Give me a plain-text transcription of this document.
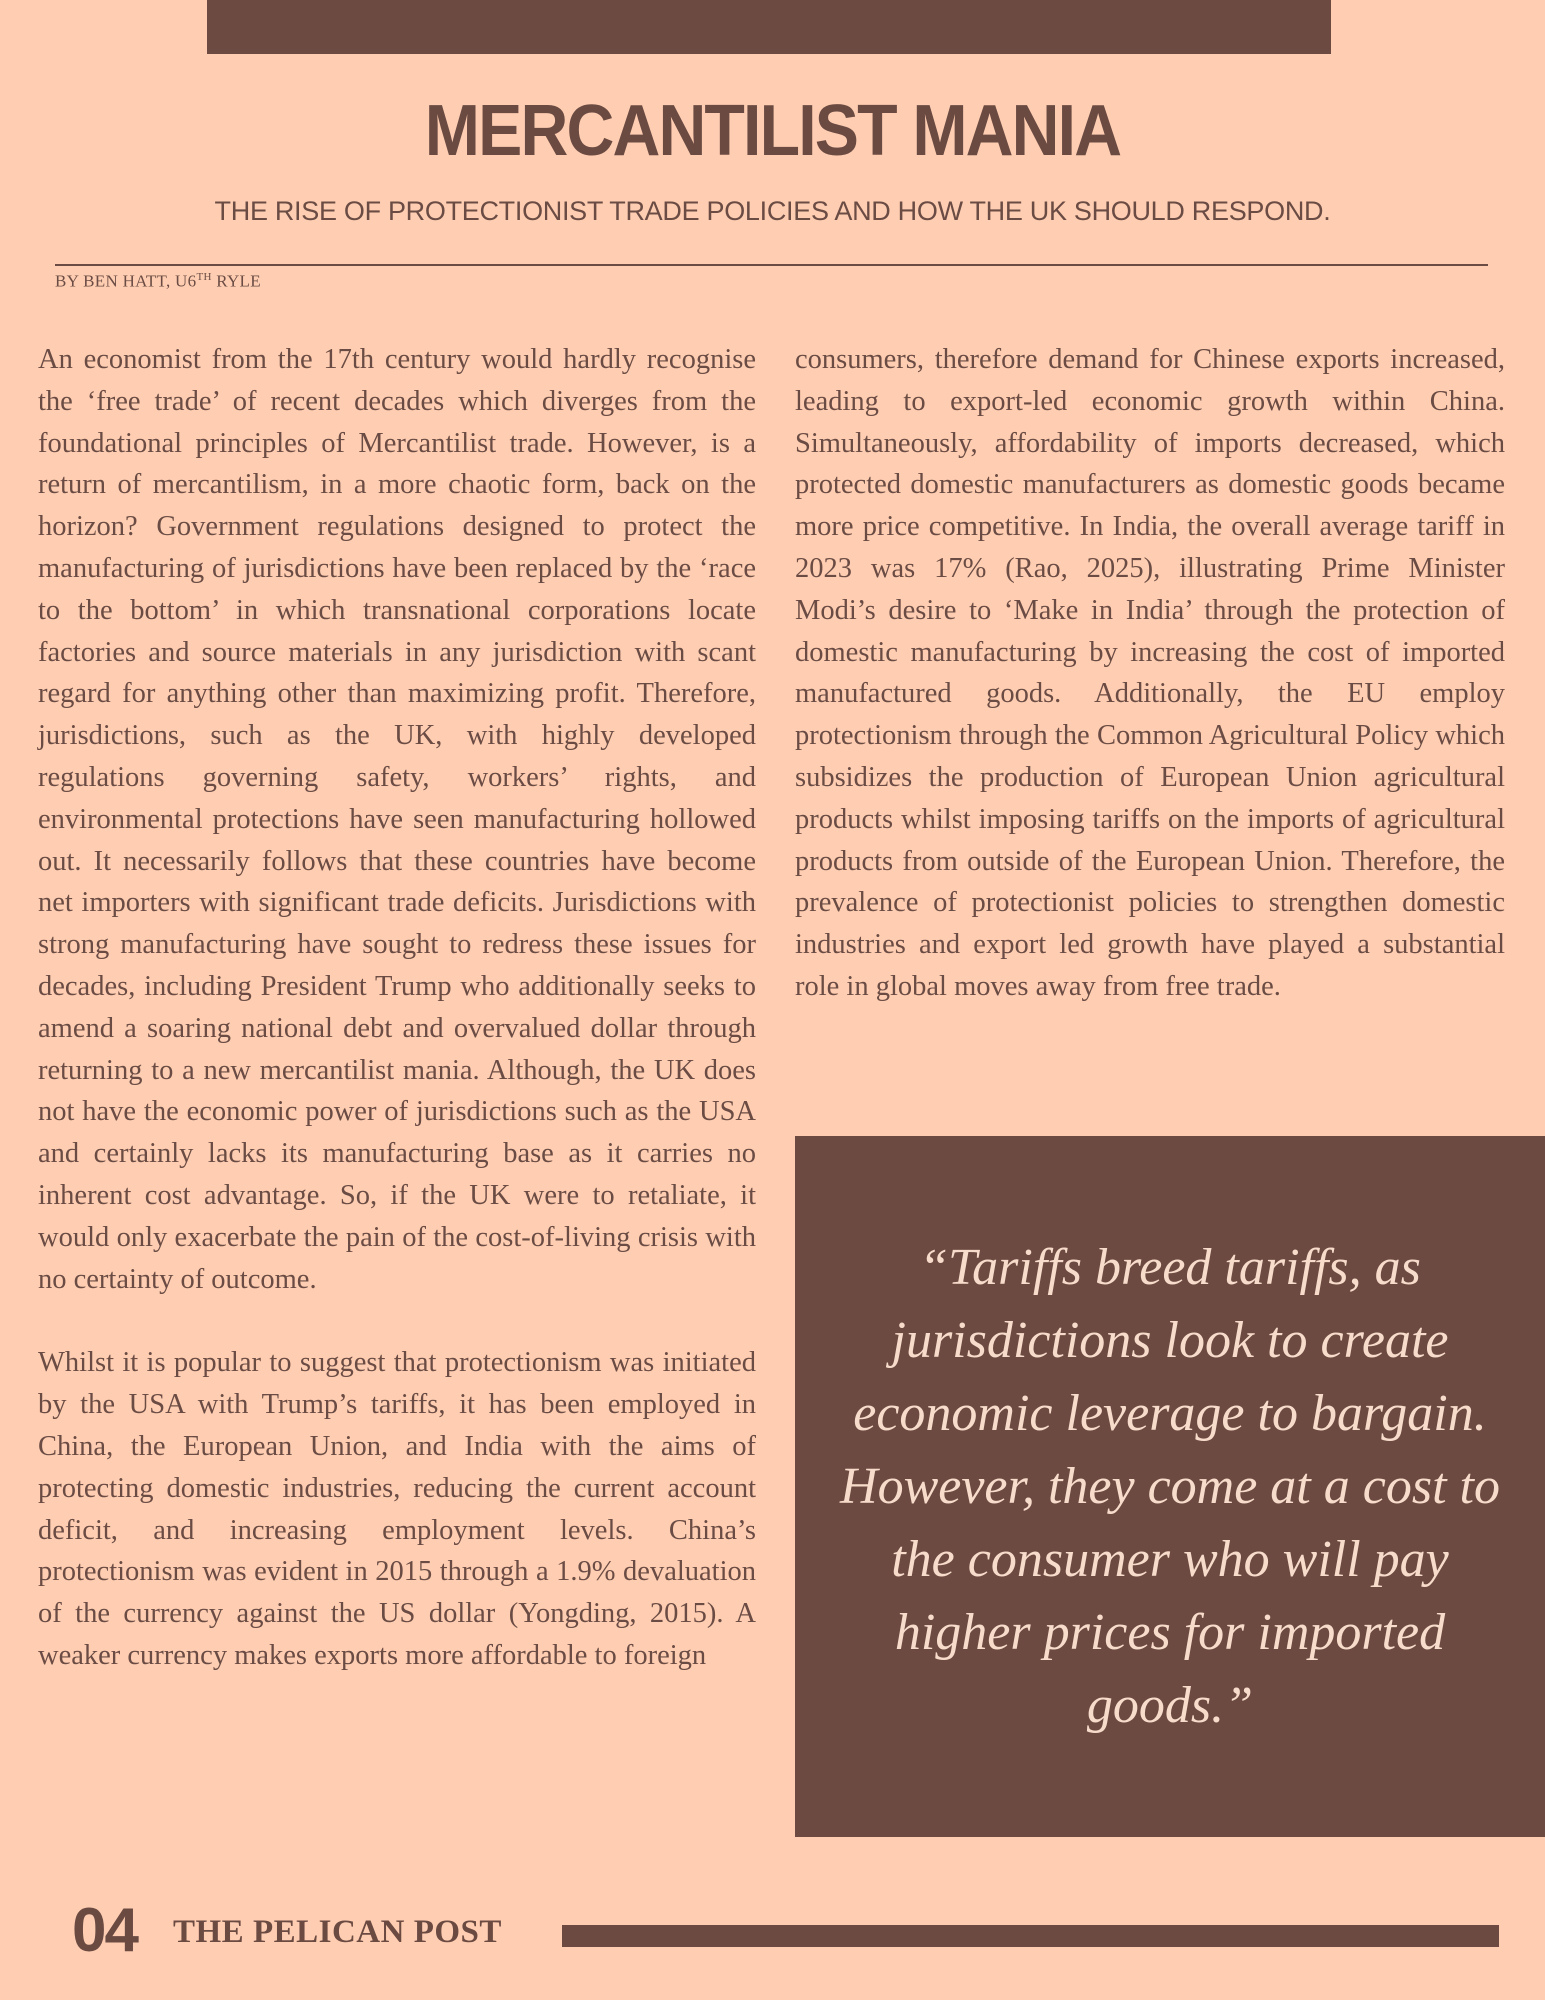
MERCANTILIST MANIA
THE RISE OF PROTECTIONIST TRADE POLICIES AND HOW THE UK SHOULD RESPOND.
BY BEN HATT, U6TH RYLE

An economist from the 17th century would hardly recognise the ‘free trade’ of recent decades which diverges from the foundational principles of Mercantilist trade. However, is a return of mercantilism, in a more chaotic form, back on the horizon? Government regulations designed to protect the manufacturing of jurisdictions have been replaced by the ‘race to the bottom’ in which transnational corporations locate factories and source materials in any jurisdiction with scant regard for anything other than maximizing profit. Therefore, jurisdictions, such as the UK, with highly developed regulations governing safety, workers’ rights, and environmental protections have seen manufacturing hollowed out. It necessarily follows that these countries have become net importers with significant trade deficits. Jurisdictions with strong manufacturing have sought to redress these issues for decades, including President Trump who additionally seeks to amend a soaring national debt and overvalued dollar through returning to a new mercantilist mania. Although, the UK does not have the economic power of jurisdictions such as the USA and certainly lacks its manufacturing base as it carries no inherent cost advantage. So, if the UK were to retaliate, it would only exacerbate the pain of the cost-of-living crisis with no certainty of outcome.

Whilst it is popular to suggest that protectionism was initiated by the USA with Trump’s tariffs, it has been employed in China, the European Union, and India with the aims of protecting domestic industries, reducing the current account deficit, and increasing employment levels. China’s protectionism was evident in 2015 through a 1.9% devaluation of the currency against the US dollar (Yongding, 2015). A weaker currency makes exports more affordable to foreign

consumers, therefore demand for Chinese exports increased, leading to export-led economic growth within China. Simultaneously, affordability of imports decreased, which protected domestic manufacturers as domestic goods became more price competitive. In India, the overall average tariff in 2023 was 17% (Rao, 2025), illustrating Prime Minister Modi’s desire to ‘Make in India’ through the protection of domestic manufacturing by increasing the cost of imported manufactured goods. Additionally, the EU employ protectionism through the Common Agricultural Policy which subsidizes the production of European Union agricultural products whilst imposing tariffs on the imports of agricultural products from outside of the European Union. Therefore, the prevalence of protectionist policies to strengthen domestic industries and export led growth have played a substantial role in global moves away from free trade.

“Tariffs breed tariffs, as jurisdictions look to create economic leverage to bargain. However, they come at a cost to the consumer who will pay higher prices for imported goods.”
04 THE PELICAN POST
